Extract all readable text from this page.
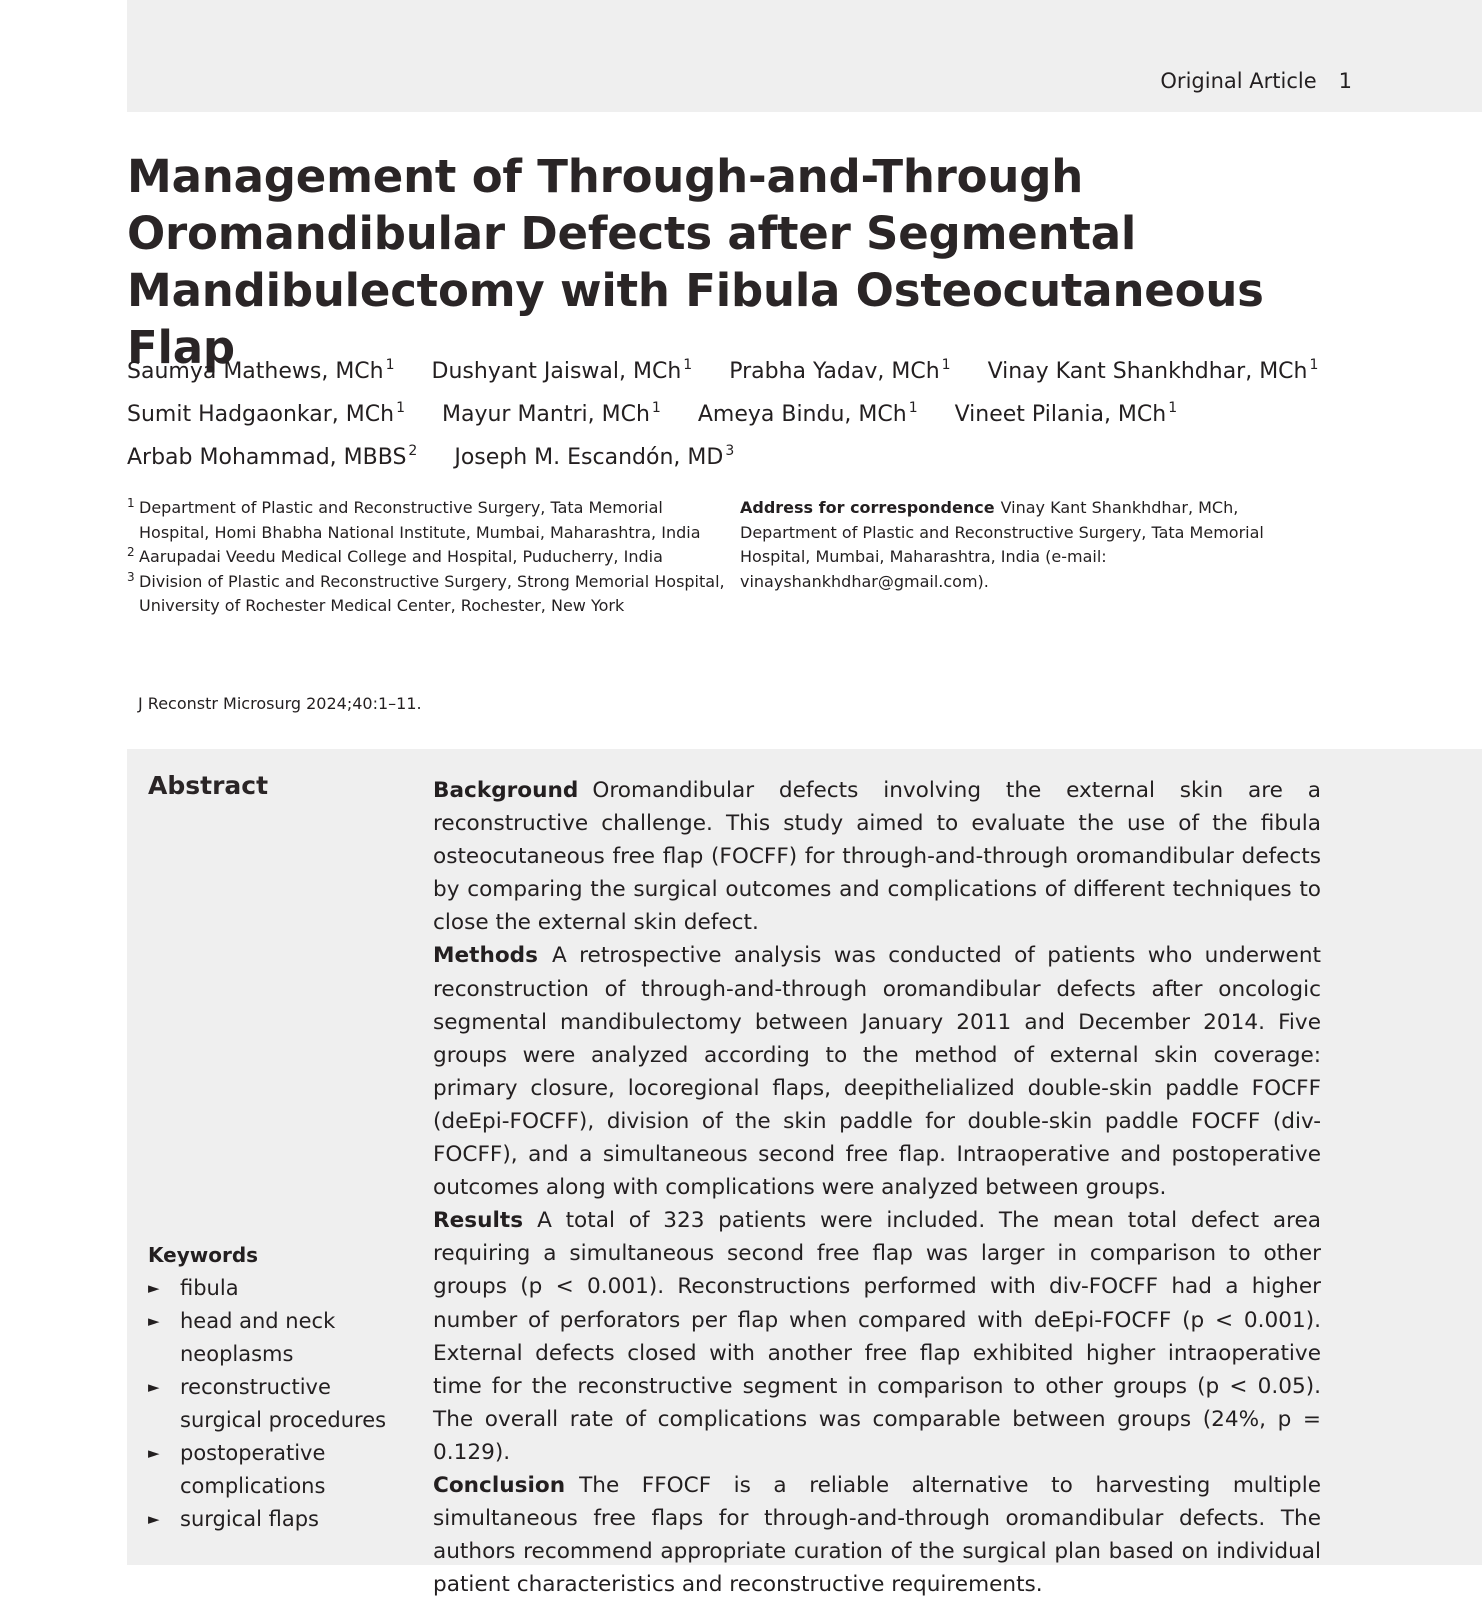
Original Article 1
Management of Through-and-Through Oromandibular Defects after Segmental Mandibulectomy with Fibula Osteocutaneous Flap
Saumya Mathews, MCh $^1$ Dushyant Jaiswal, MCh $^1$ Prabha Yadav, MCh $^1$ Vinay Kant Shankhdhar, MCh $^1$
Sumit Hadgaonkar, MCh $^1$ Mayur Mantri, MCh $^1$ Ameya Bindu, MCh $^1$ Vineet Pilania, MCh $^1$
Arbab Mohammad, MBBS $^2$ Joseph M. Escandón, MD $^3$
1 Department of Plastic and Reconstructive Surgery, Tata Memorial Hospital, Homi Bhabha National Institute, Mumbai, Maharashtra, India
2 Aarupadai Veedu Medical College and Hospital, Puducherry, India
3 Division of Plastic and Reconstructive Surgery, Strong Memorial Hospital, University of Rochester Medical Center, Rochester, New York
Address for correspondence Vinay Kant Shankhdhar, MCh, Department of Plastic and Reconstructive Surgery, Tata Memorial Hospital, Mumbai, Maharashtra, India (e-mail: vinayshankhdhar@gmail.com).
J Reconstr Microsurg 2024;40:1–11.
Abstract
Keywords
► fibula
► head and neck neoplasms
► reconstructive surgical procedures
► postoperative complications
► surgical flaps

Background Oromandibular defects involving the external skin are a reconstructive challenge. This study aimed to evaluate the use of the fibula osteocutaneous free flap (FOCFF) for through-and-through oromandibular defects by comparing the surgical outcomes and complications of different techniques to close the external skin defect.

Methods A retrospective analysis was conducted of patients who underwent reconstruction of through-and-through oromandibular defects after oncologic segmental mandibulectomy between January 2011 and December 2014. Five groups were analyzed according to the method of external skin coverage: primary closure, locoregional flaps, deepithelialized double-skin paddle FOCFF (deEpi-FOCFF), division of the skin paddle for double-skin paddle FOCFF (div-FOCFF), and a simultaneous second free flap. Intraoperative and postoperative outcomes along with complications were analyzed between groups.

Results A total of 323 patients were included. The mean total defect area requiring a simultaneous second free flap was larger in comparison to other groups (p < 0.001). Reconstructions performed with div-FOCFF had a higher number of perforators per flap when compared with deEpi-FOCFF (p < 0.001). External defects closed with another free flap exhibited higher intraoperative time for the reconstructive segment in comparison to other groups (p < 0.05). The overall rate of complications was comparable between groups (24%, p = 0.129).

Conclusion The FFOCF is a reliable alternative to harvesting multiple simultaneous free flaps for through-and-through oromandibular defects. The authors recommend appropriate curation of the surgical plan based on individual patient characteristics and reconstructive requirements.
